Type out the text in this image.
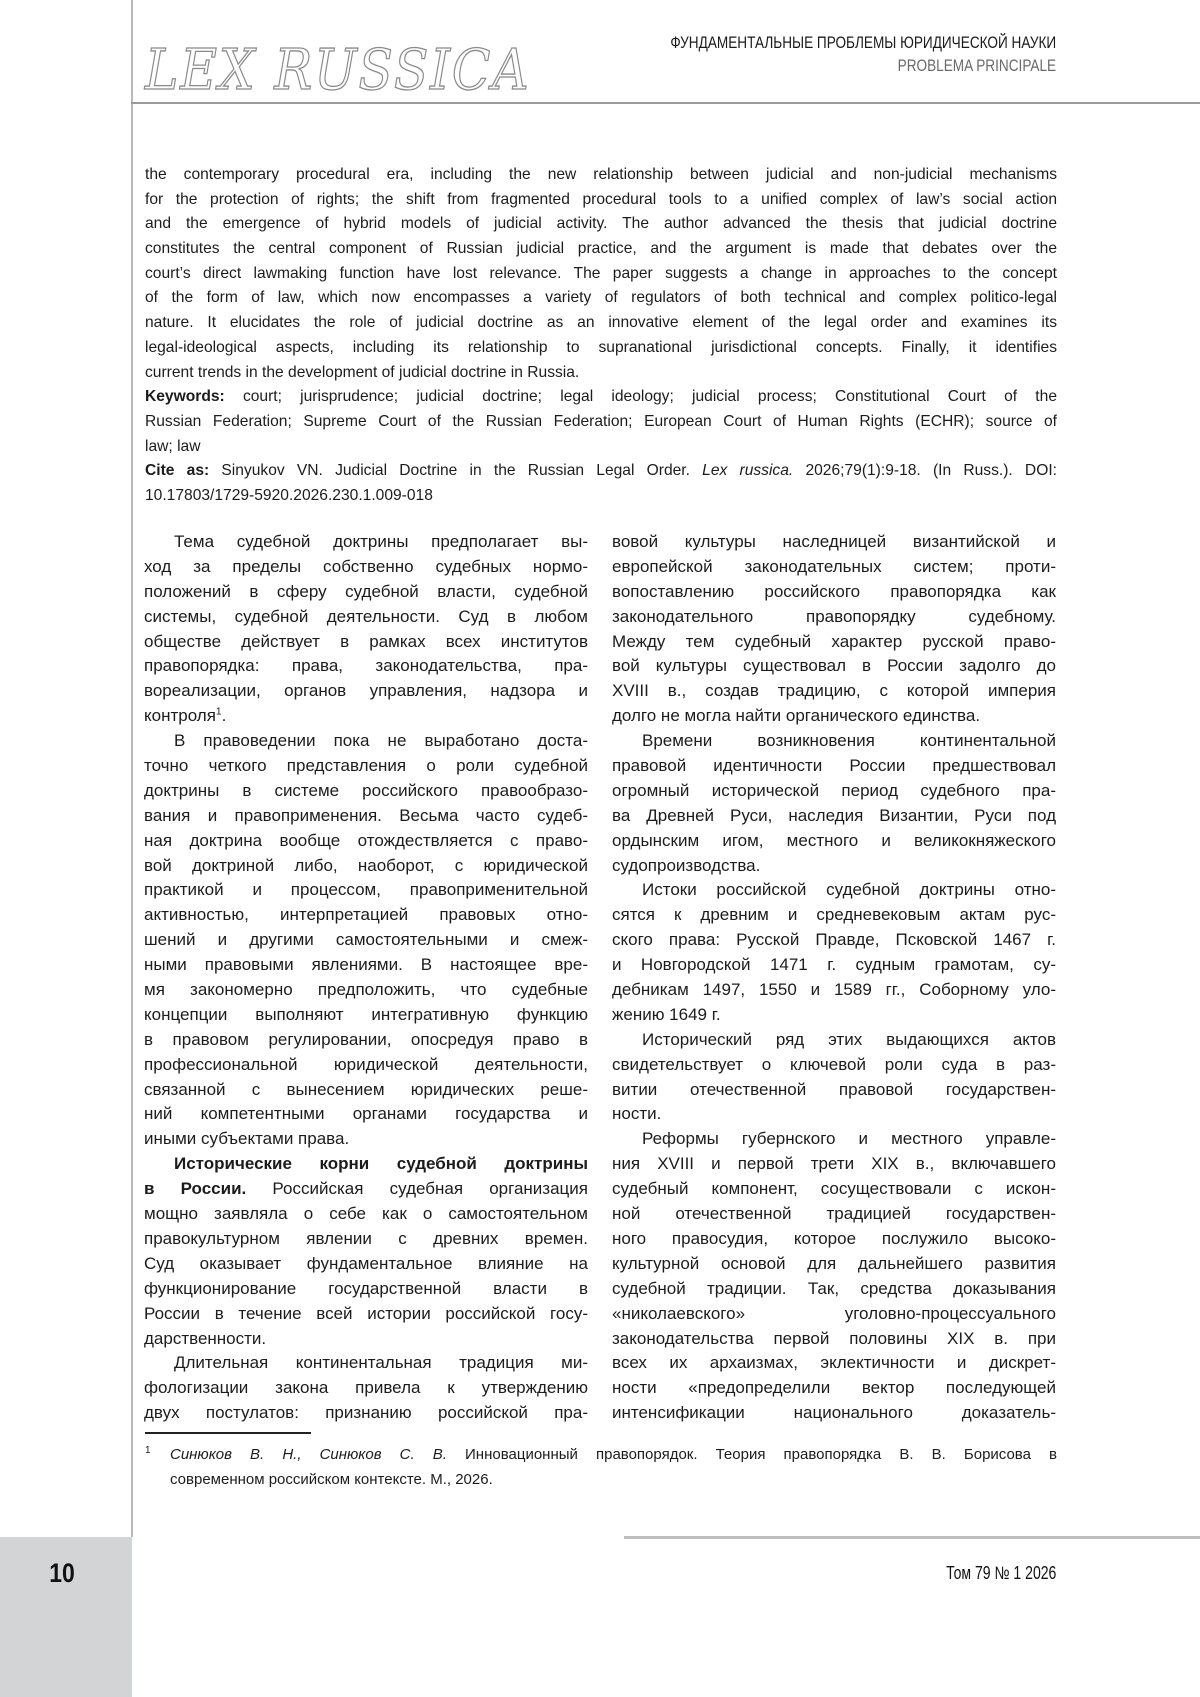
LEX RUSSICA	ФУНДАМЕНТАЛЬНЫЕ ПРОБЛЕМЫ ЮРИДИЧЕСКОЙ НАУКИ
PROBLEMA PRINCIPALE
the contemporary procedural era, including the new relationship between judicial and non-judicial mechanisms
for the protection of rights; the shift from fragmented procedural tools to a unified complex of law’s social action
and the emergence of hybrid models of judicial activity. The author advanced the thesis that judicial doctrine
constitutes the central component of Russian judicial practice, and the argument is made that debates over the
court’s direct lawmaking function have lost relevance. The paper suggests a change in approaches to the concept
of the form of law, which now encompasses a variety of regulators of both technical and complex politico-legal
nature. It elucidates the role of judicial doctrine as an innovative element of the legal order and examines its
legal-ideological aspects, including its relationship to supranational jurisdictional concepts. Finally, it identifies
current trends in the development of judicial doctrine in Russia.
Keywords: court; jurisprudence; judicial doctrine; legal ideology; judicial process; Constitutional Court of the
Russian Federation; Supreme Court of the Russian Federation; European Court of Human Rights (ECHR); source of
law; law
Cite as: Sinyukov VN. Judicial Doctrine in the Russian Legal Order. Lex russica. 2026;79(1):9-18. (In Russ.). DOI:
10.17803/1729-5920.2026.230.1.009-018
Тема судебной доктрины предполагает вы-
ход за пределы собственно судебных нормо-
положений в сферу судебной власти, судебной
системы, судебной деятельности. Суд в любом
обществе действует в рамках всех институтов
правопорядка: права, законодательства, пра-
вореализации, органов управления, надзора и
контроля$^1$.
В правоведении пока не выработано доста-
точно четкого представления о роли судебной
доктрины в системе российского правообразо-
вания и правоприменения. Весьма часто судеб-
ная доктрина вообще отождествляется с право-
вой доктриной либо, наоборот, с юридической
практикой и процессом, правоприменительной
активностью, интерпретацией правовых отно-
шений и другими самостоятельными и смеж-
ными правовыми явлениями. В настоящее вре-
мя закономерно предположить, что судебные
концепции выполняют интегративную функцию
в правовом регулировании, опосредуя право в
профессиональной юридической деятельности,
связанной с вынесением юридических реше-
ний компетентными органами государства и
иными субъектами права.
Исторические корни судебной доктрины
в России. Российская судебная организация
мощно заявляла о себе как о самостоятельном
правокультурном явлении с древних времен.
Суд оказывает фундаментальное влияние на
функционирование государственной власти в
России в течение всей истории российской госу-
дарственности.
Длительная континентальная традиция ми-
фологизации закона привела к утверждению
двух постулатов: признанию российской пра-
вовой культуры наследницей византийской и
европейской законодательных систем; проти-
вопоставлению российского правопорядка как
законодательного правопорядку судебному.
Между тем судебный характер русской право-
вой культуры существовал в России задолго до
XVIII в., создав традицию, с которой империя
долго не могла найти органического единства.
Времени возникновения континентальной
правовой идентичности России предшествовал
огромный исторической период судебного пра-
ва Древней Руси, наследия Византии, Руси под
ордынским игом, местного и великокняжеского
судопроизводства.
Истоки российской судебной доктрины отно-
сятся к древним и средневековым актам рус-
ского права: Русской Правде, Псковской 1467 г.
и Новгородской 1471 г. судным грамотам, су-
дебникам 1497, 1550 и 1589 гг., Соборному уло-
жению 1649 г.
Исторический ряд этих выдающихся актов
свидетельствует о ключевой роли суда в раз-
витии отечественной правовой государствен-
ности.
Реформы губернского и местного управле-
ния XVIII и первой трети XIX в., включавшего
судебный компонент, сосуществовали с искон-
ной отечественной традицией государствен-
ного правосудия, которое послужило высоко-
культурной основой для дальнейшего развития
судебной традиции. Так, средства доказывания
«николаевского» уголовно-процессуального
законодательства первой половины XIX в. при
всех их архаизмах, эклектичности и дискрет-
ности «предопределили вектор последующей
интенсификации национального доказатель-
1 Синюков В. Н., Синюков С. В. Инновационный правопорядок. Теория правопорядка В. В. Борисова в
современном российском контексте. М., 2026.
10	Том 79 № 1 2026
